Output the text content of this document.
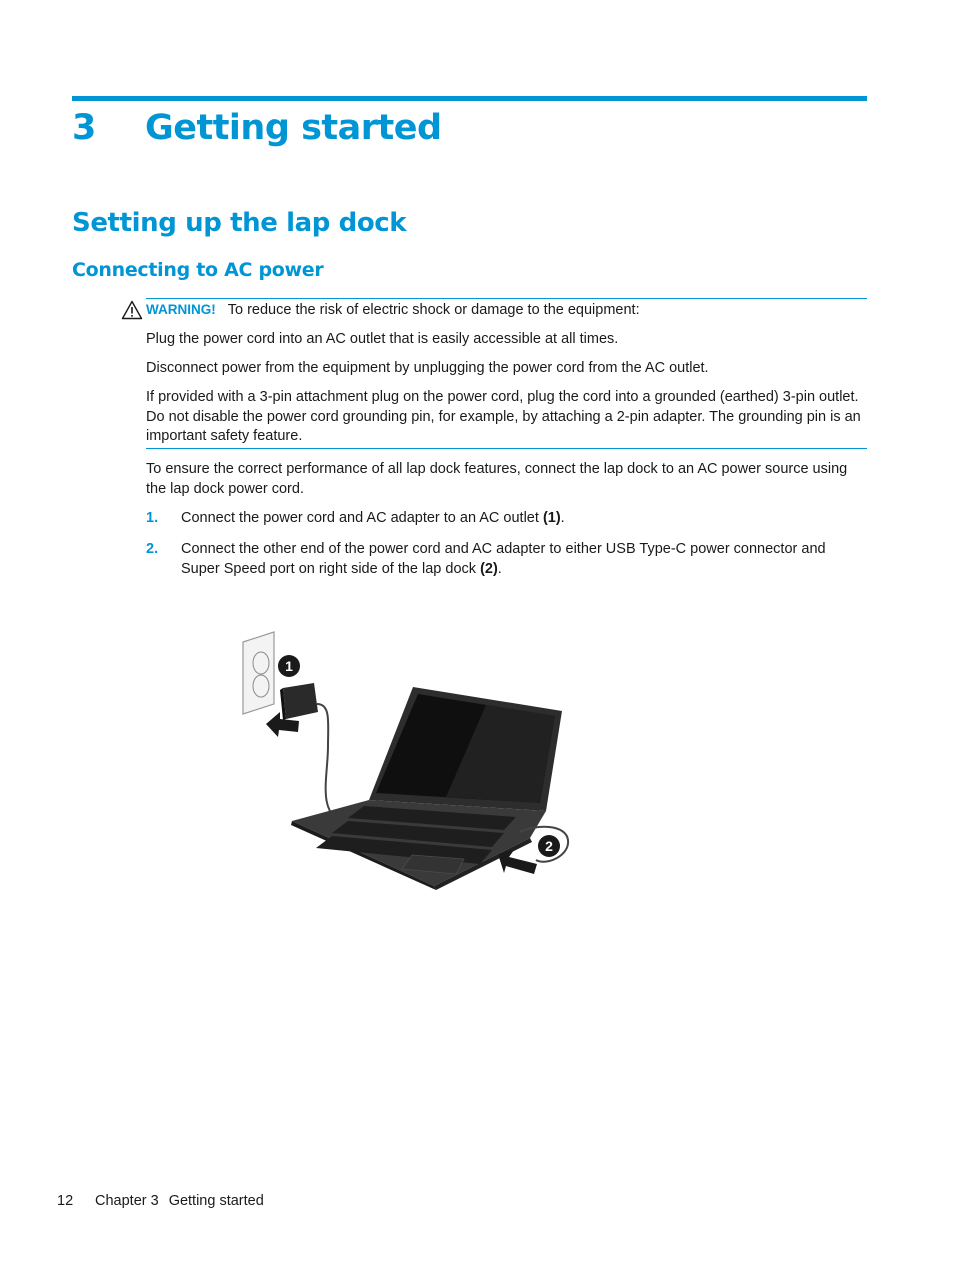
3 Getting started
Setting up the lap dock
Connecting to AC power
WARNING! To reduce the risk of electric shock or damage to the equipment:

Plug the power cord into an AC outlet that is easily accessible at all times.

Disconnect power from the equipment by unplugging the power cord from the AC outlet.

If provided with a 3-pin attachment plug on the power cord, plug the cord into a grounded (earthed) 3-pin outlet. Do not disable the power cord grounding pin, for example, by attaching a 2-pin adapter. The grounding pin is an important safety feature.

To ensure the correct performance of all lap dock features, connect the lap dock to an AC power source using the lap dock power cord.

1. Connect the power cord and AC adapter to an AC outlet (1).
2. Connect the other end of the power cord and AC adapter to either USB Type-C power connector and Super Speed port on right side of the lap dock (2).
1
2
12 Chapter 3 Getting started
